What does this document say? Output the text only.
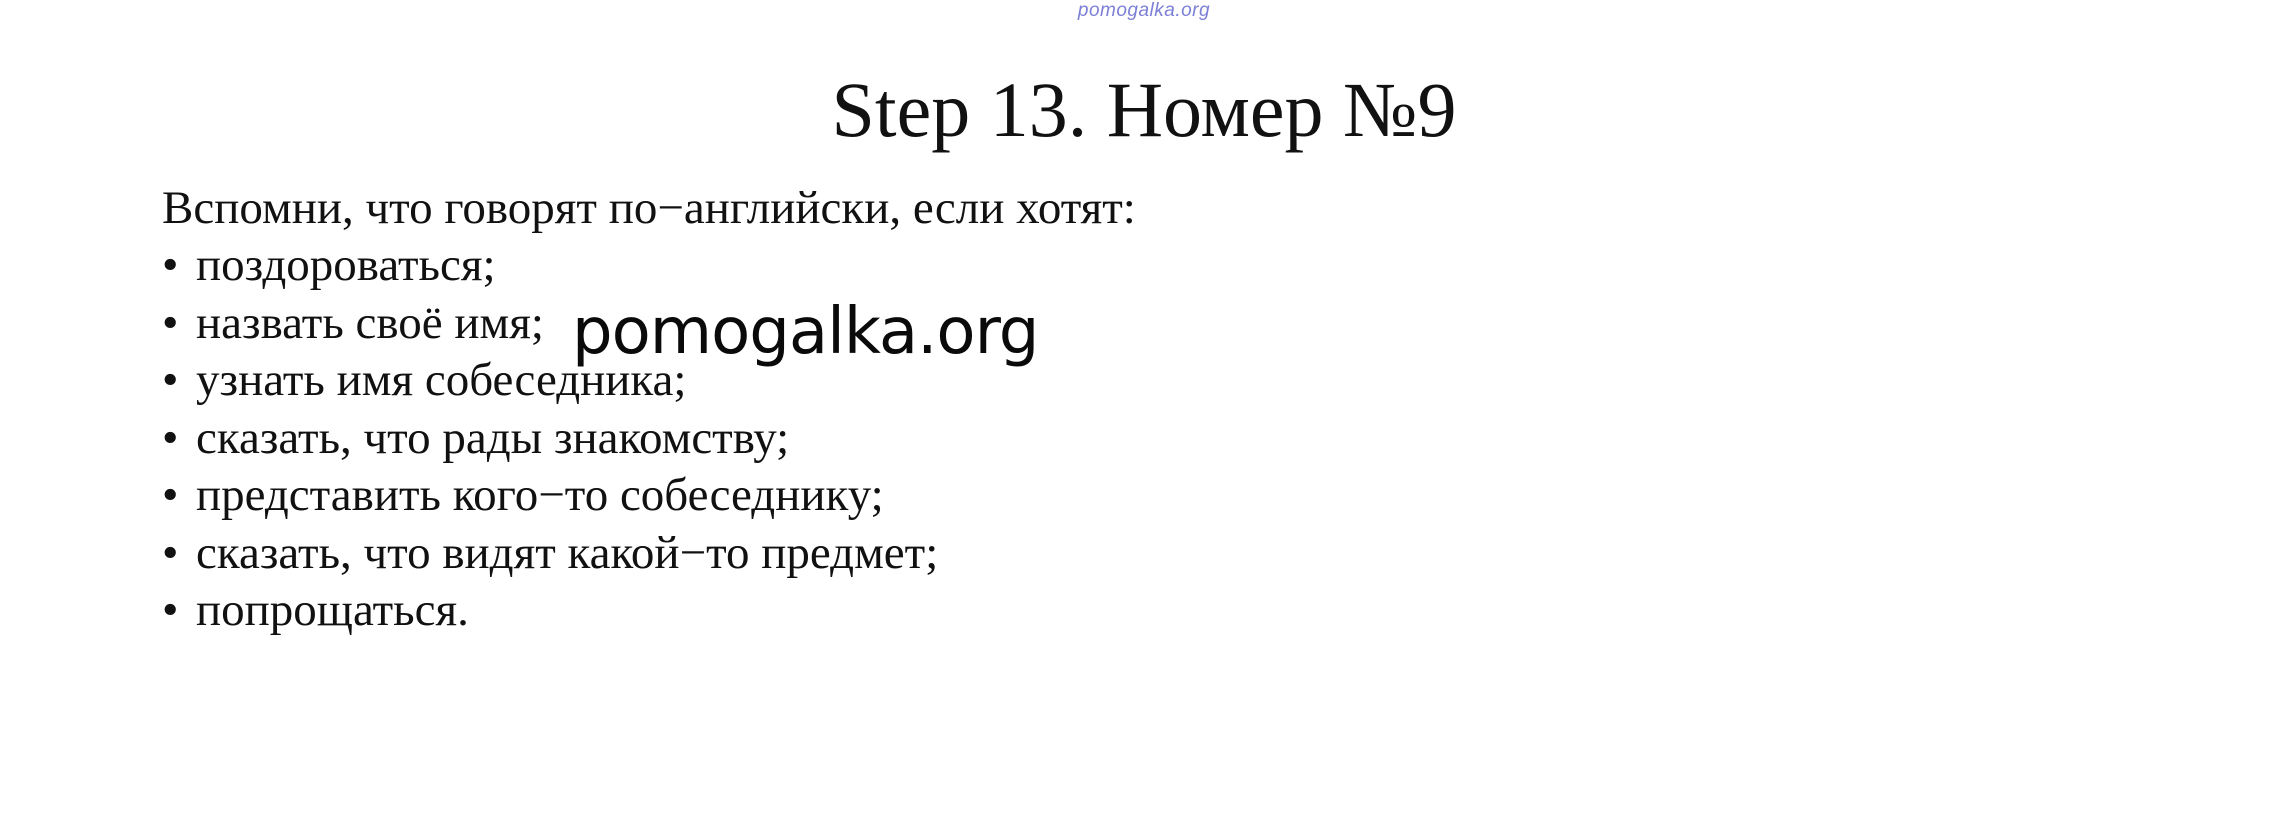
pomogalka.org
Step 13. Номер №9

Вспомни, что говорят по−английски, если хотят:

• поздороваться;
• назвать своё имя;
• узнать имя собеседника;
• сказать, что рады знакомству;
• представить кого−то собеседнику;
• сказать, что видят какой−то предмет;
• попрощаться.
pomogalka.org
